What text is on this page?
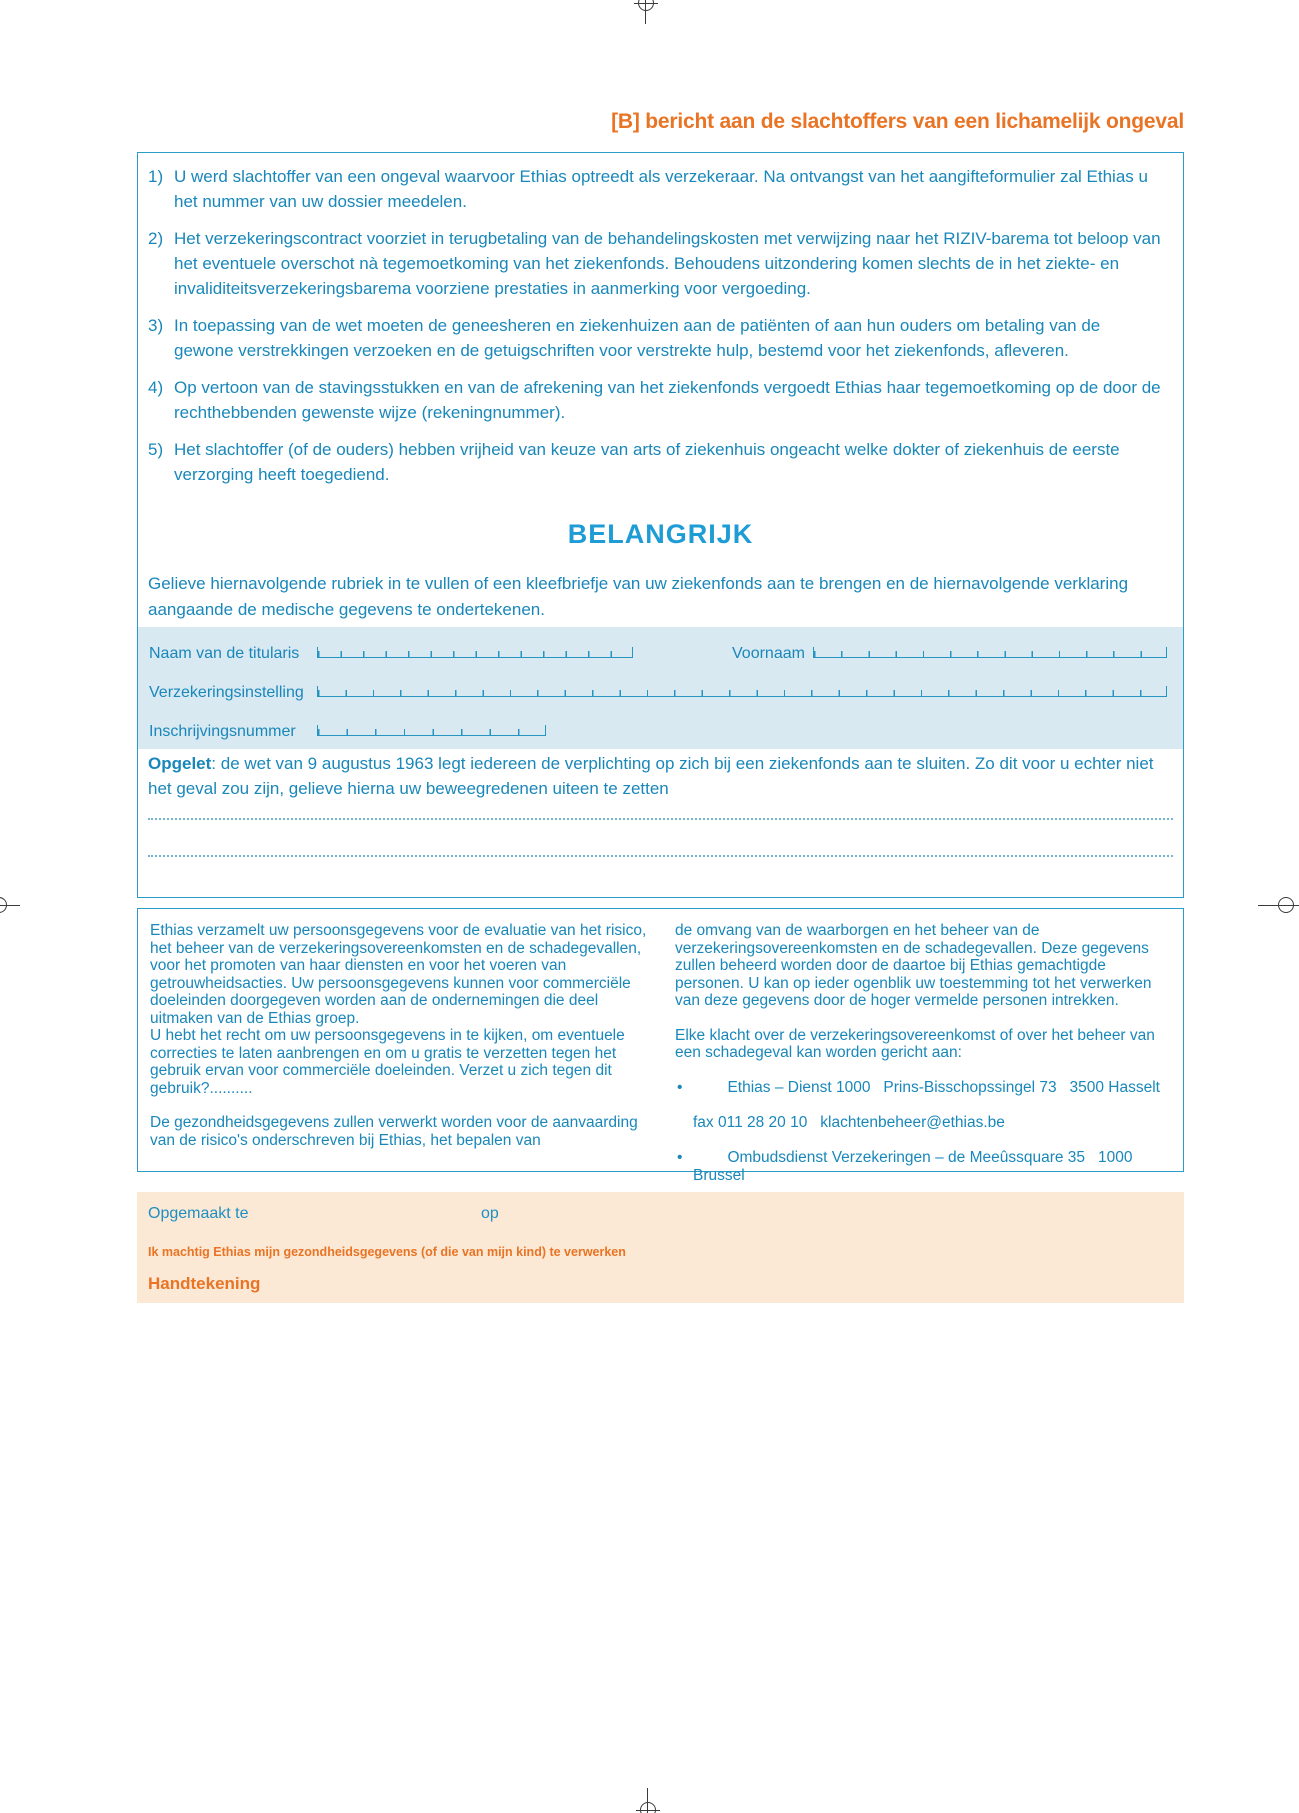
[B] bericht aan de slachtoffers van een lichamelijk ongeval
1) U werd slachtoffer van een ongeval waarvoor Ethias optreedt als verzekeraar. Na ontvangst van het aangifteformulier zal Ethias u het nummer van uw dossier meedelen.
2) Het verzekeringscontract voorziet in terugbetaling van de behandelingskosten met verwijzing naar het RIZIV-barema tot beloop van het eventuele overschot nà tegemoetkoming van het ziekenfonds. Behoudens uitzondering komen slechts de in het ziekte- en invaliditeitsverzekeringsbarema voorziene prestaties in aanmerking voor vergoeding.
3) In toepassing van de wet moeten de geneesheren en ziekenhuizen aan de patiënten of aan hun ouders om betaling van de gewone verstrekkingen verzoeken en de getuigschriften voor verstrekte hulp, bestemd voor het ziekenfonds, afleveren.
4) Op vertoon van de stavingsstukken en van de afrekening van het ziekenfonds vergoedt Ethias haar tegemoetkoming op de door de rechthebbenden gewenste wijze (rekeningnummer).
5) Het slachtoffer (of de ouders) hebben vrijheid van keuze van arts of ziekenhuis ongeacht welke dokter of ziekenhuis de eerste verzorging heeft toegediend.
BELANGRIJK
Gelieve hiernavolgende rubriek in te vullen of een kleefbriefje van uw ziekenfonds aan te brengen en de hiernavolgende verklaring aangaande de medische gegevens te ondertekenen.
Naam van de titularis	Voornaam
Verzekeringsinstelling
Inschrijvingsnummer
Opgelet: de wet van 9 augustus 1963 legt iedereen de verplichting op zich bij een ziekenfonds aan te sluiten. Zo dit voor u echter niet het geval zou zijn, gelieve hierna uw beweegredenen uiteen te zetten

Ethias verzamelt uw persoonsgegevens voor de evaluatie van het risico, het beheer van de verzekeringsovereenkomsten en de schadegevallen, voor het promoten van haar diensten en voor het voeren van getrouwheidsacties. Uw persoonsgegevens kunnen voor commerciële doeleinden doorgegeven worden aan de ondernemingen die deel uitmaken van de Ethias groep.

U hebt het recht om uw persoonsgegevens in te kijken, om eventuele correcties te laten aanbrengen en om u gratis te verzetten tegen het gebruik ervan voor commerciële doeleinden. Verzet u zich tegen dit gebruik?..........

De gezondheidsgegevens zullen verwerkt worden voor de aanvaarding van de risico's onderschreven bij Ethias, het bepalen van

de omvang van de waarborgen en het beheer van de verzekeringsovereenkomsten en de schadegevallen. Deze gegevens zullen beheerd worden door de daartoe bij Ethias gemachtigde personen. U kan op ieder ogenblik uw toestemming tot het verwerken van deze gegevens door de hoger vermelde personen intrekken.

Elke klacht over de verzekeringsovereenkomst of over het beheer van een schadegeval kan worden gericht aan:

•	Ethias – Dienst 1000   Prins-Bisschopssingel 73   3500 Hasselt

fax 011 28 20 10   klachtenbeheer@ethias.be

•	Ombudsdienst Verzekeringen – de Meeûssquare 35   1000 Brussel

Opgemaakt te	op
Ik machtig Ethias mijn gezondheidsgegevens (of die van mijn kind) te verwerken
Handtekening
